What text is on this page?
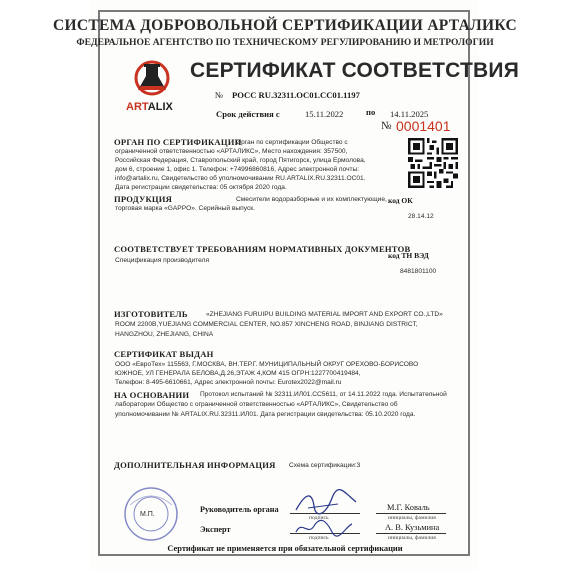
СИСТЕМА ДОБРОВОЛЬНОЙ СЕРТИФИКАЦИИ АРТАЛИКС
ФЕДЕРАЛЬНОЕ АГЕНТСТВО ПО ТЕХНИЧЕСКОМУ РЕГУЛИРОВАНИЮ И МЕТРОЛОГИИ
ARTALIX
СЕРТИФИКАТ СООТВЕТСТВИЯ
№ РОСС RU.32311.ОС01.СС01.1197
Срок действия с	15.11.2022	по 14.11.2025
№ 0001401
ОРГАН ПО СЕРТИФИКАЦИИ
Орган по сертификации Общество с
ограниченной ответственностью «АРТАЛИКС», Место нахождения: 357500,
Российская Федерация, Ставропольский край, город Пятигорск, улица Ермолова,
дом 6, строение 1, офис 1. Телефон: +74996860816, Адрес электронной почты:
info@artalix.ru, Свидетельство об уполномочивании RU.АRTALIX.RU.32311.ОС01.
Дата регистрации свидетельства: 05 октября 2020 года.
ПРОДУКЦИЯ	Смесители водоразборные и их комплектующие,
торговая марка «GAPPO». Серийный выпуск.
код ОК
28.14.12
СООТВЕТСТВУЕТ ТРЕБОВАНИЯМ НОРМАТИВНЫХ ДОКУМЕНТОВ
Спецификация производителя
код ТН ВЭД
8481801100
ИЗГОТОВИТЕЛЬ	«ZHEJIANG FURUIPU BUILDING MATERIAL IMPORT AND EXPORT CO.,LTD»
ROOM 2200B,YUEJIANG COMMERCIAL CENTER, NO.857 XINCHENG ROAD, BINJIANG DISTRICT,
HANGZHOU, ZHEJIANG, CHINA
СЕРТИФИКАТ ВЫДАН
ООО «ЕвроТех» 115563, Г.МОСКВА, ВН.ТЕР.Г. МУНИЦИПАЛЬНЫЙ ОКРУГ ОРЕХОВО-БОРИСОВО
ЮЖНОЕ, УЛ ГЕНЕРАЛА БЕЛОВА,Д.26,ЭТАЖ 4,КОМ 415 ОГРН:1227700419484,
Телефон: 8-495-6610661, Адрес электронной почты: Eurotex2022@mail.ru
НА ОСНОВАНИИ Протокол испытаний № 32311.ИЛ01.СС5611, от 14.11.2022 года. Испытательной
лаборатории Общество с ограниченной ответственностью «АРТАЛИКС», Свидетельство об
уполномочивании № ARTALIX.RU.32311.ИЛ01. Дата регистрации свидетельства: 05.10.2020 года.
ДОПОЛНИТЕЛЬНАЯ ИНФОРМАЦИЯ Схема сертификации:3
М.П.
Руководитель органа
подпись
М.Г. Коваль
инициалы, фамилия
Эксперт
подпись
А. В. Кузьмина
инициалы, фамилия
Сертификат не применяется при обязательной сертификации
